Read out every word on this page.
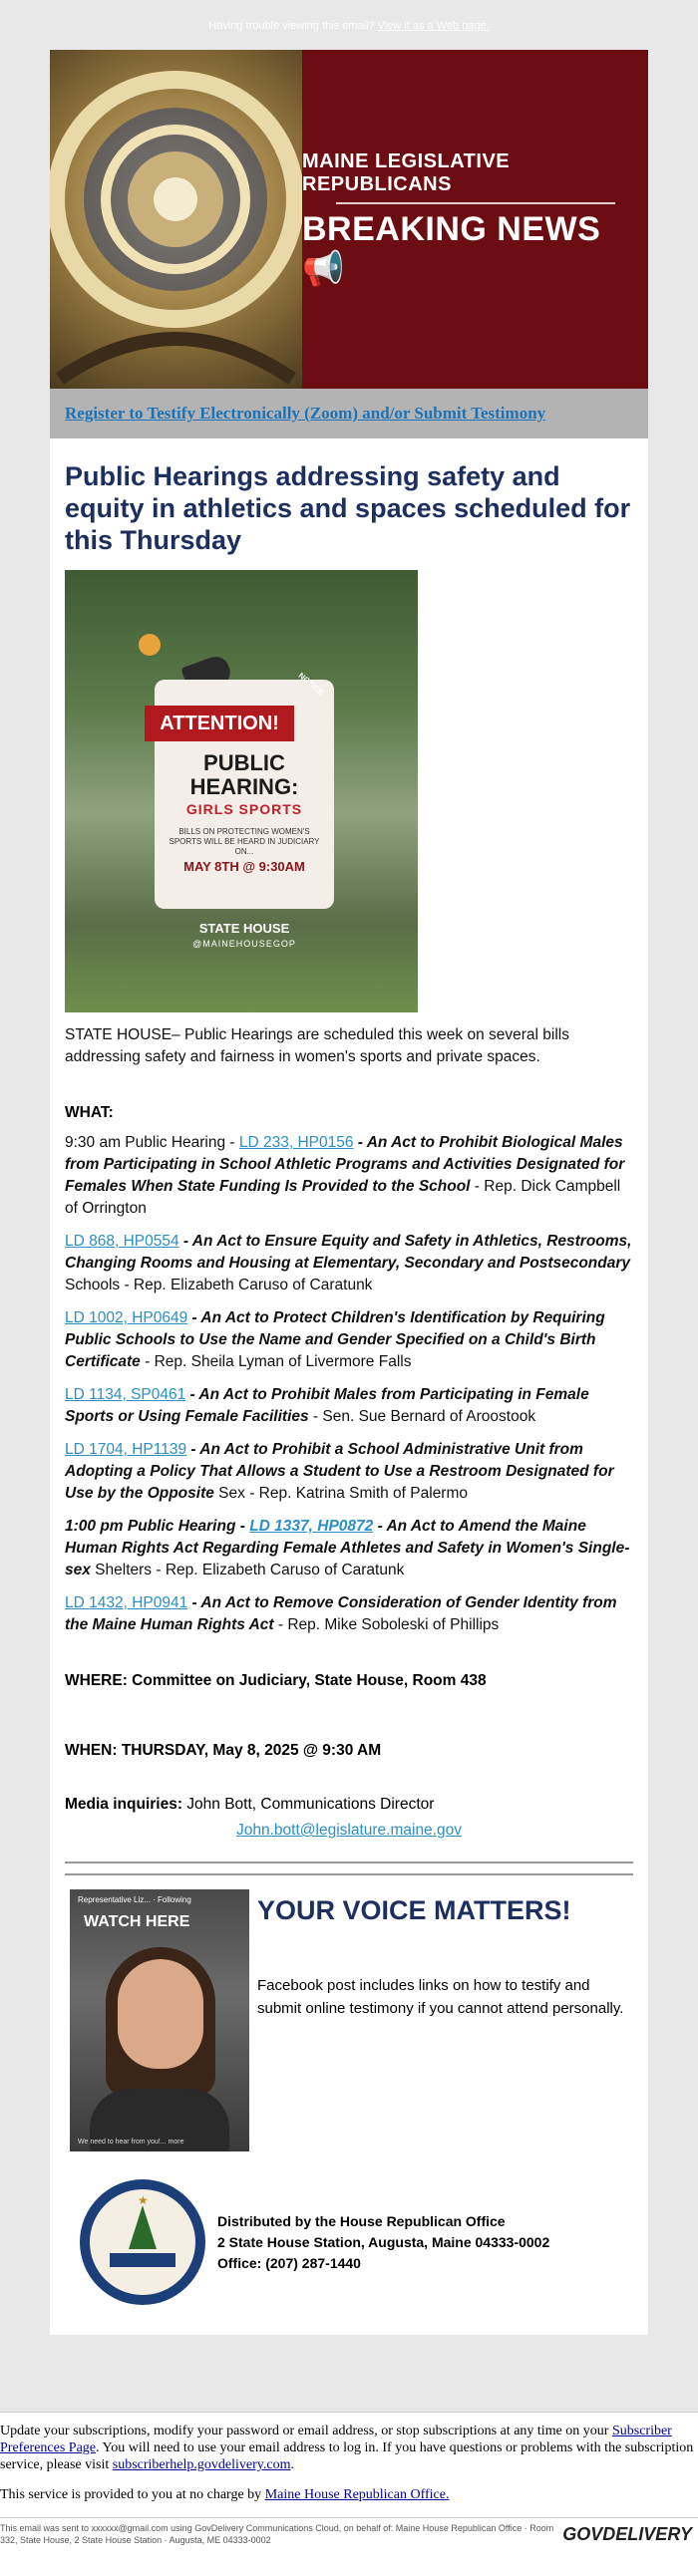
Having trouble viewing this email? View it as a Web page.
MAINE LEGISLATIVE REPUBLICANS
BREAKING NEWS 📢
Register to Testify Electronically (Zoom) and/or Submit Testimony
Public Hearings addressing safety and equity in athletics and spaces scheduled for this Thursday
ATTENTION!
PUBLIC HEARING:
GIRLS SPORTS
BILLS ON PROTECTING WOMEN'S SPORTS WILL BE HEARD IN JUDICIARY ON...
MAY 8TH @ 9:30AM
STATE HOUSE
@MAINEHOUSEGOP
NOTICE

STATE HOUSE– Public Hearings are scheduled this week on several bills addressing safety and fairness in women's sports and private spaces.

WHAT:

9:30 am Public Hearing - LD 233, HP0156 - An Act to Prohibit Biological Males from Participating in School Athletic Programs and Activities Designated for Females When State Funding Is Provided to the School - Rep. Dick Campbell of Orrington

LD 868, HP0554 - An Act to Ensure Equity and Safety in Athletics, Restrooms, Changing Rooms and Housing at Elementary, Secondary and Postsecondary Schools - Rep. Elizabeth Caruso of Caratunk

LD 1002, HP0649 - An Act to Protect Children's Identification by Requiring Public Schools to Use the Name and Gender Specified on a Child's Birth Certificate - Rep. Sheila Lyman of Livermore Falls

LD 1134, SP0461 - An Act to Prohibit Males from Participating in Female Sports or Using Female Facilities - Sen. Sue Bernard of Aroostook

LD 1704, HP1139 - An Act to Prohibit a School Administrative Unit from Adopting a Policy That Allows a Student to Use a Restroom Designated for Use by the Opposite Sex - Rep. Katrina Smith of Palermo

1:00 pm Public Hearing - LD 1337, HP0872 - An Act to Amend the Maine Human Rights Act Regarding Female Athletes and Safety in Women's Single-sex Shelters - Rep. Elizabeth Caruso of Caratunk

LD 1432, HP0941 - An Act to Remove Consideration of Gender Identity from the Maine Human Rights Act - Rep. Mike Soboleski of Phillips

WHERE: Committee on Judiciary, State House, Room 438

WHEN: THURSDAY, May 8, 2025 @ 9:30 AM

Media inquiries: John Bott, Communications Director

John.bott@legislature.maine.gov

Representative Liz... · Following
WATCH HERE
We need to hear from you!... more
YOUR VOICE MATTERS!

Facebook post includes links on how to testify and submit online testimony if you cannot attend personally.

★
Distributed by the House Republican Office
2 State House Station, Augusta, Maine 04333-0002
Office: (207) 287-1440

Update your subscriptions, modify your password or email address, or stop subscriptions at any time on your Subscriber Preferences Page. You will need to use your email address to log in. If you have questions or problems with the subscription service, please visit subscriberhelp.govdelivery.com.

This service is provided to you at no charge by Maine House Republican Office.

This email was sent to xxxxxx@gmail.com using GovDelivery Communications Cloud, on behalf of: Maine House Republican Office · Room 332, State House, 2 State House Station · Augusta, ME 04333-0002	GOVDELIVERY
